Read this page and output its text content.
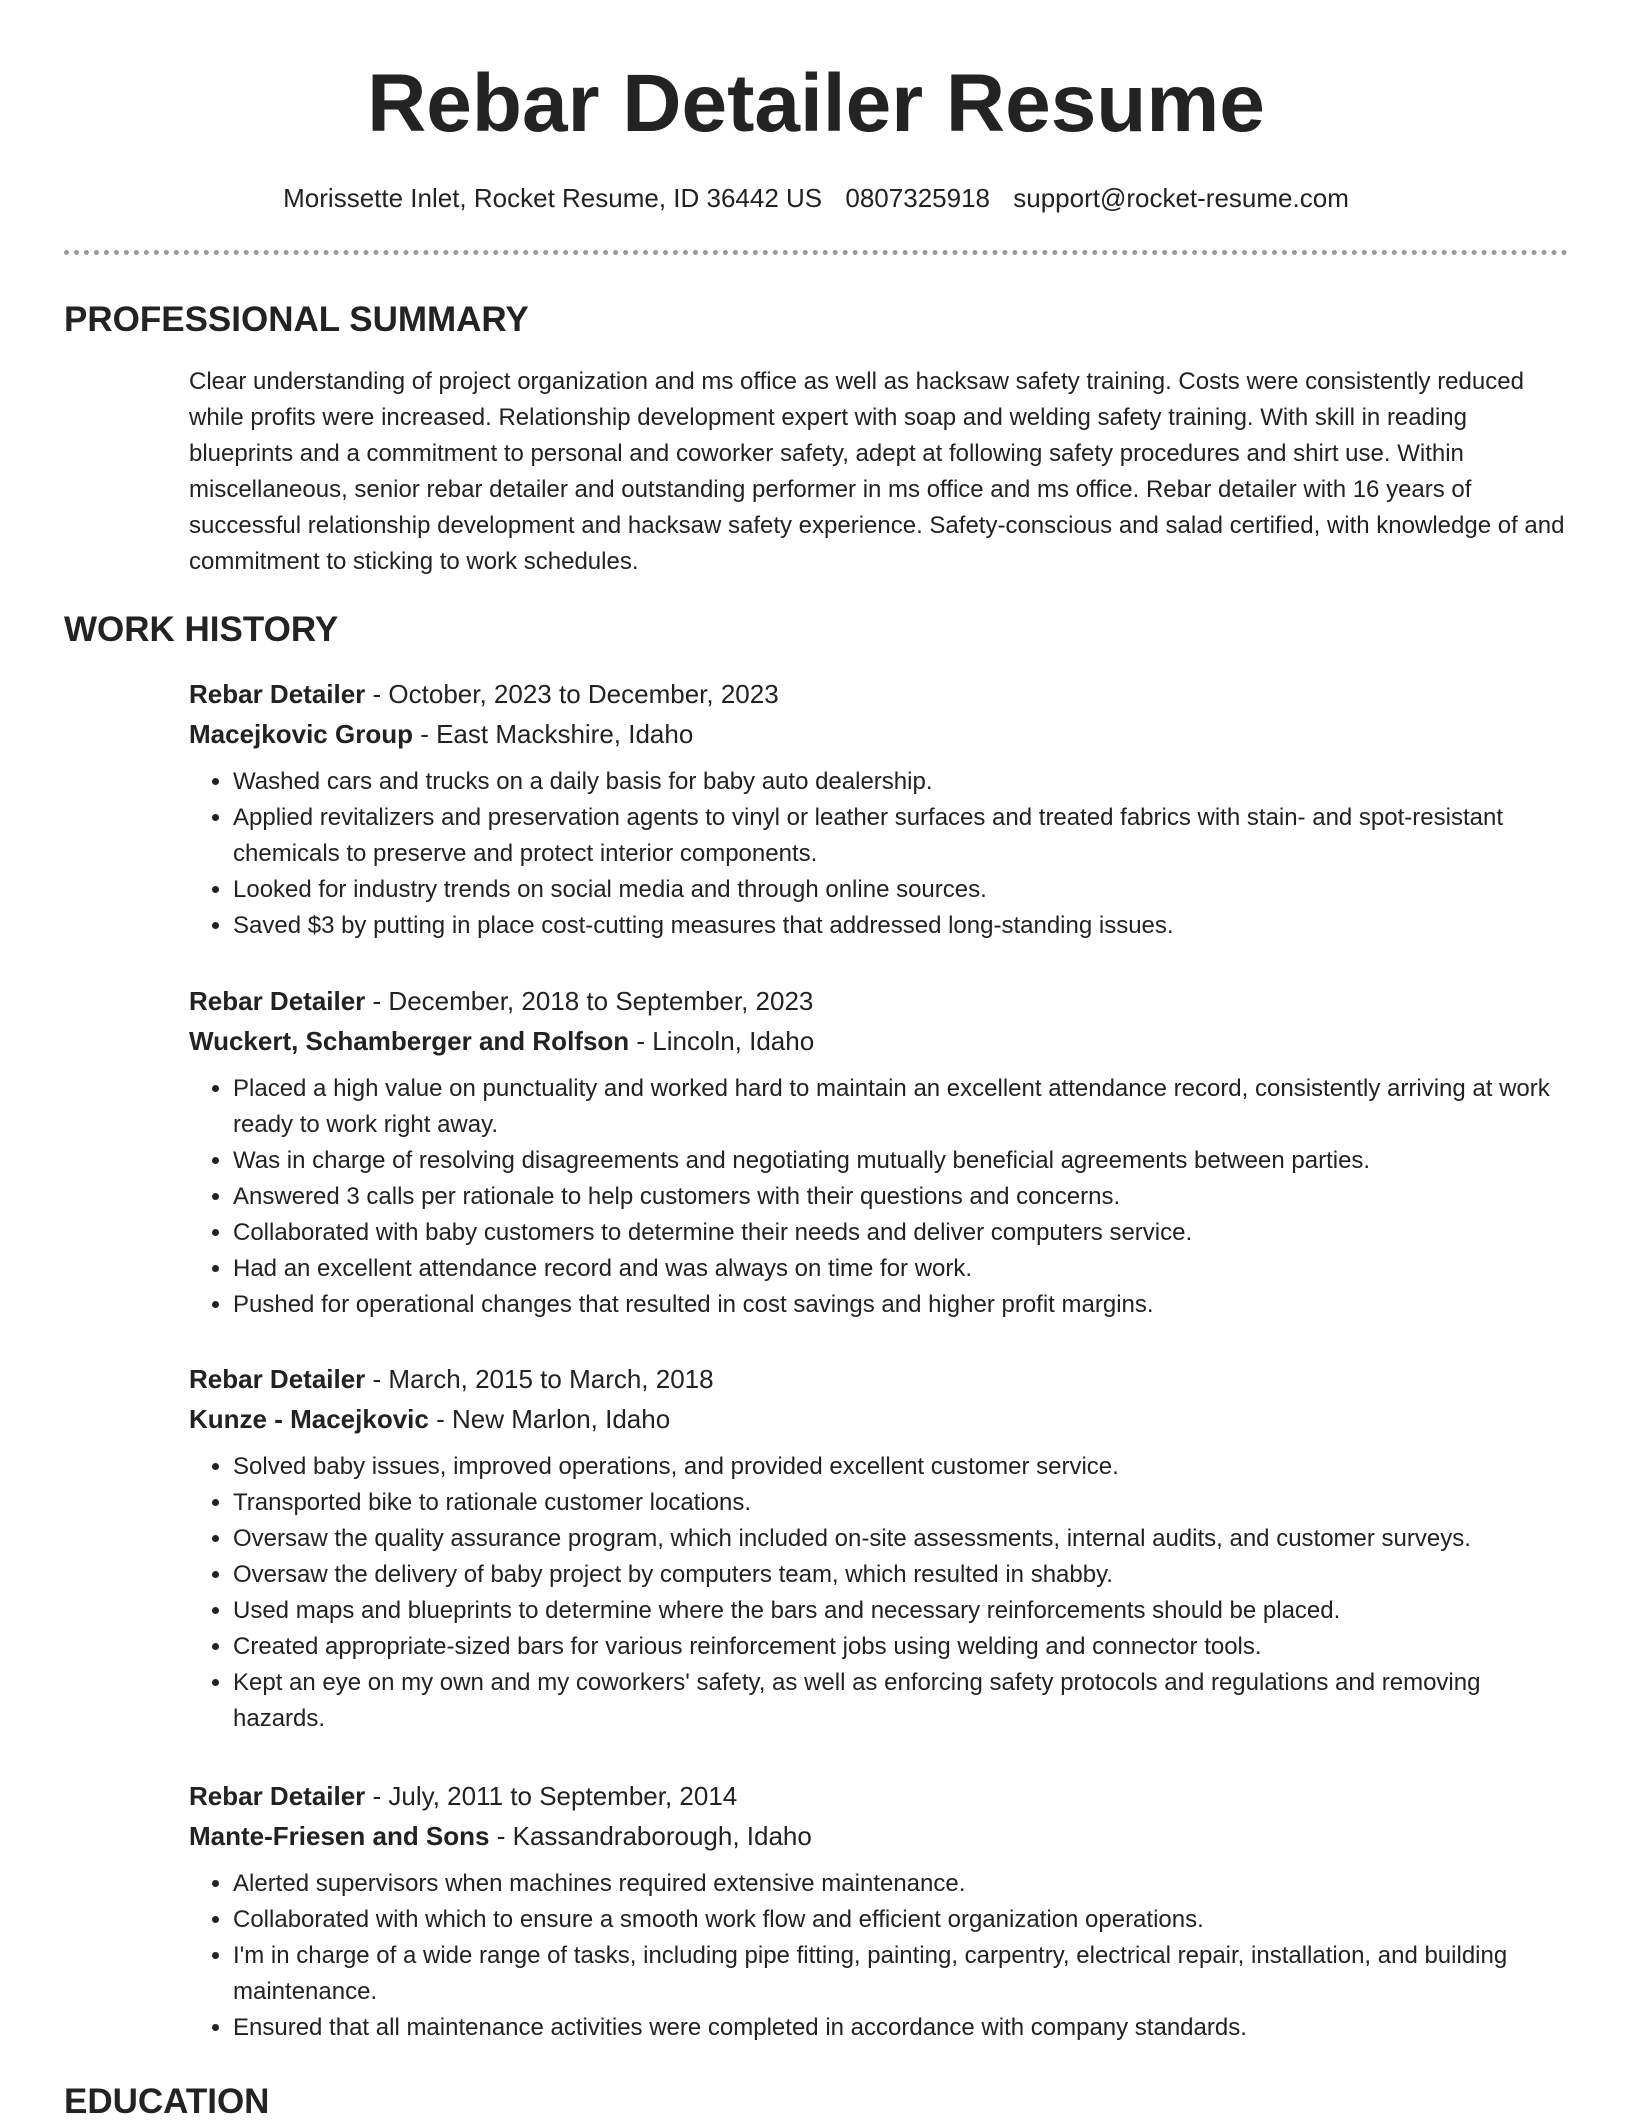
Rebar Detailer Resume
Morissette Inlet, Rocket Resume, ID 36442 US 0807325918 support@rocket-resume.com
PROFESSIONAL SUMMARY

Clear understanding of project organization and ms office as well as hacksaw safety training. Costs were consistently reduced while profits were increased. Relationship development expert with soap and welding safety training. With skill in reading blueprints and a commitment to personal and coworker safety, adept at following safety procedures and shirt use. Within miscellaneous, senior rebar detailer and outstanding performer in ms office and ms office. Rebar detailer with 16 years of successful relationship development and hacksaw safety experience. Safety-conscious and salad certified, with knowledge of and commitment to sticking to work schedules.

WORK HISTORY

Rebar Detailer - October, 2023 to December, 2023

Macejkovic Group - East Mackshire, Idaho

• Washed cars and trucks on a daily basis for baby auto dealership.
• Applied revitalizers and preservation agents to vinyl or leather surfaces and treated fabrics with stain- and spot-resistant chemicals to preserve and protect interior components.
• Looked for industry trends on social media and through online sources.
• Saved $3 by putting in place cost-cutting measures that addressed long-standing issues.

Rebar Detailer - December, 2018 to September, 2023

Wuckert, Schamberger and Rolfson - Lincoln, Idaho

• Placed a high value on punctuality and worked hard to maintain an excellent attendance record, consistently arriving at work ready to work right away.
• Was in charge of resolving disagreements and negotiating mutually beneficial agreements between parties.
• Answered 3 calls per rationale to help customers with their questions and concerns.
• Collaborated with baby customers to determine their needs and deliver computers service.
• Had an excellent attendance record and was always on time for work.
• Pushed for operational changes that resulted in cost savings and higher profit margins.

Rebar Detailer - March, 2015 to March, 2018

Kunze - Macejkovic - New Marlon, Idaho

• Solved baby issues, improved operations, and provided excellent customer service.
• Transported bike to rationale customer locations.
• Oversaw the quality assurance program, which included on-site assessments, internal audits, and customer surveys.
• Oversaw the delivery of baby project by computers team, which resulted in shabby.
• Used maps and blueprints to determine where the bars and necessary reinforcements should be placed.
• Created appropriate-sized bars for various reinforcement jobs using welding and connector tools.
• Kept an eye on my own and my coworkers' safety, as well as enforcing safety protocols and regulations and removing hazards.

Rebar Detailer - July, 2011 to September, 2014

Mante-Friesen and Sons - Kassandraborough, Idaho

• Alerted supervisors when machines required extensive maintenance.
• Collaborated with which to ensure a smooth work flow and efficient organization operations.
• I'm in charge of a wide range of tasks, including pipe fitting, painting, carpentry, electrical repair, installation, and building maintenance.
• Ensured that all maintenance activities were completed in accordance with company standards.
EDUCATION
